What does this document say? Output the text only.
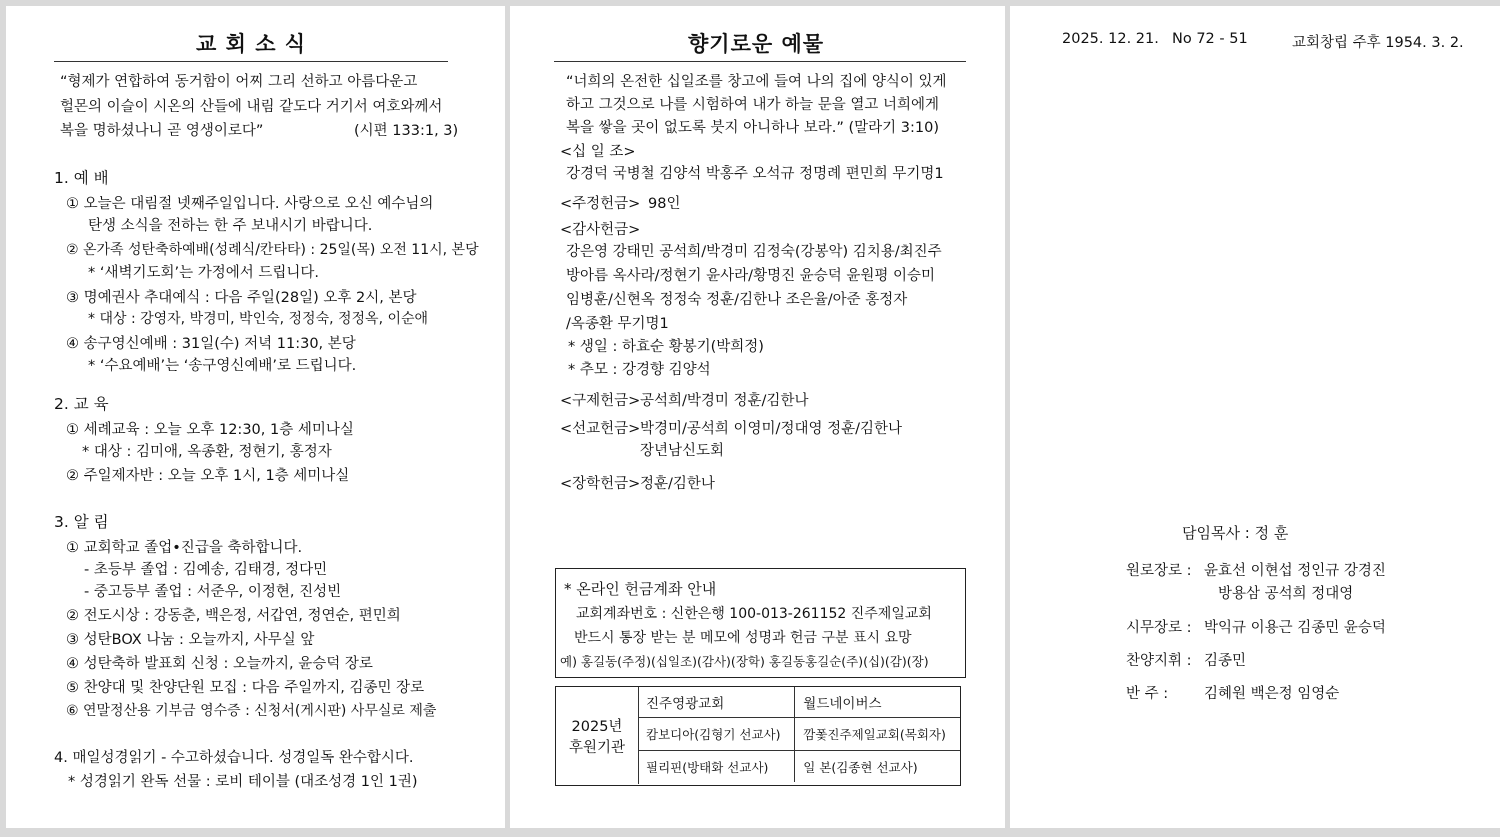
교 회 소 식
“형제가 연합하여 동거함이 어찌 그리 선하고 아름다운고
헐몬의 이슬이 시온의 산들에 내림 같도다 거기서 여호와께서
복을 명하셨나니 곧 영생이로다”	(시편 133:1, 3)
1. 예 배
① 오늘은 대림절 넷째주일입니다. 사랑으로 오신 예수님의
탄생 소식을 전하는 한 주 보내시기 바랍니다.
② 온가족 성탄축하예배(성례식/칸타타) : 25일(목) 오전 11시, 본당
* ‘새벽기도회’는 가정에서 드립니다.
③ 명예권사 추대예식 : 다음 주일(28일) 오후 2시, 본당
* 대상 : 강영자, 박경미, 박인숙, 정정숙, 정정옥, 이순애
④ 송구영신예배 : 31일(수) 저녁 11:30, 본당
* ‘수요예배’는 ‘송구영신예배’로 드립니다.
2. 교 육
① 세례교육 : 오늘 오후 12:30, 1층 세미나실
* 대상 : 김미애, 옥종환, 정현기, 홍정자
② 주일제자반 : 오늘 오후 1시, 1층 세미나실
3. 알 림
① 교회학교 졸업•진급을 축하합니다.
- 초등부 졸업 : 김예송, 김태경, 정다민
- 중고등부 졸업 : 서준우, 이정현, 진성빈
② 전도시상 : 강동춘, 백은정, 서갑연, 정연순, 편민희
③ 성탄BOX 나눔 : 오늘까지, 사무실 앞
④ 성탄축하 발표회 신청 : 오늘까지, 윤승덕 장로
⑤ 찬양대 및 찬양단원 모집 : 다음 주일까지, 김종민 장로
⑥ 연말정산용 기부금 영수증 : 신청서(게시판) 사무실로 제출
4. 매일성경읽기 - 수고하셨습니다. 성경일독 완수합시다.
* 성경읽기 완독 선물 : 로비 테이블 (대조성경 1인 1권)
향기로운 예물
“너희의 온전한 십일조를 창고에 들여 나의 집에 양식이 있게
하고 그것으로 나를 시험하여 내가 하늘 문을 열고 너희에게
복을 쌓을 곳이 없도록 붓지 아니하나 보라.” (말라기 3:10)
<십 일 조>
강경덕 국병철 김양석 박홍주 오석규 정명례 편민희 무기명1
<주정헌금> 98인
<감사헌금>
강은영 강태민 공석희/박경미 김정숙(강봉악) 김치용/최진주
방아름 옥사라/정현기 윤사라/황명진 윤승덕 윤원평 이승미
임병훈/신현옥 정정숙 정훈/김한나 조은율/아준 홍정자
/옥종환 무기명1
* 생일 : 하효순 황봉기(박희정)
* 추모 : 강경향 김양석
<구제헌금> 공석희/박경미 정훈/김한나
<선교헌금> 박경미/공석희 이영미/정대영 정훈/김한나
장년남신도회
<장학헌금> 정훈/김한나
* 온라인 헌금계좌 안내
교회계좌번호 : 신한은행 100-013-261152 진주제일교회
반드시 통장 받는 분 메모에 성명과 헌금 구분 표시 요망
예) 홍길동(주정)(십일조)(감사)(장학) 홍길동홍길순(주)(십)(감)(장)
2025년
후원기관
진주영광교회	월드네이버스
캄보디아(김형기 선교사)	깜퐃진주제일교회(목회자)
필리핀(방태화 선교사)	일 본(김종현 선교사)
2025. 12. 21. No 72 - 51	교회창립 주후 1954. 3. 2.
담임목사 : 정 훈
원로장로 : 윤효선 이현섭 정인규 강경진
방용삼 공석희 정대영
시무장로 : 박익규 이용근 김종민 윤승덕
찬양지휘 : 김종민
반 주 : 김혜원 백은정 임영순
